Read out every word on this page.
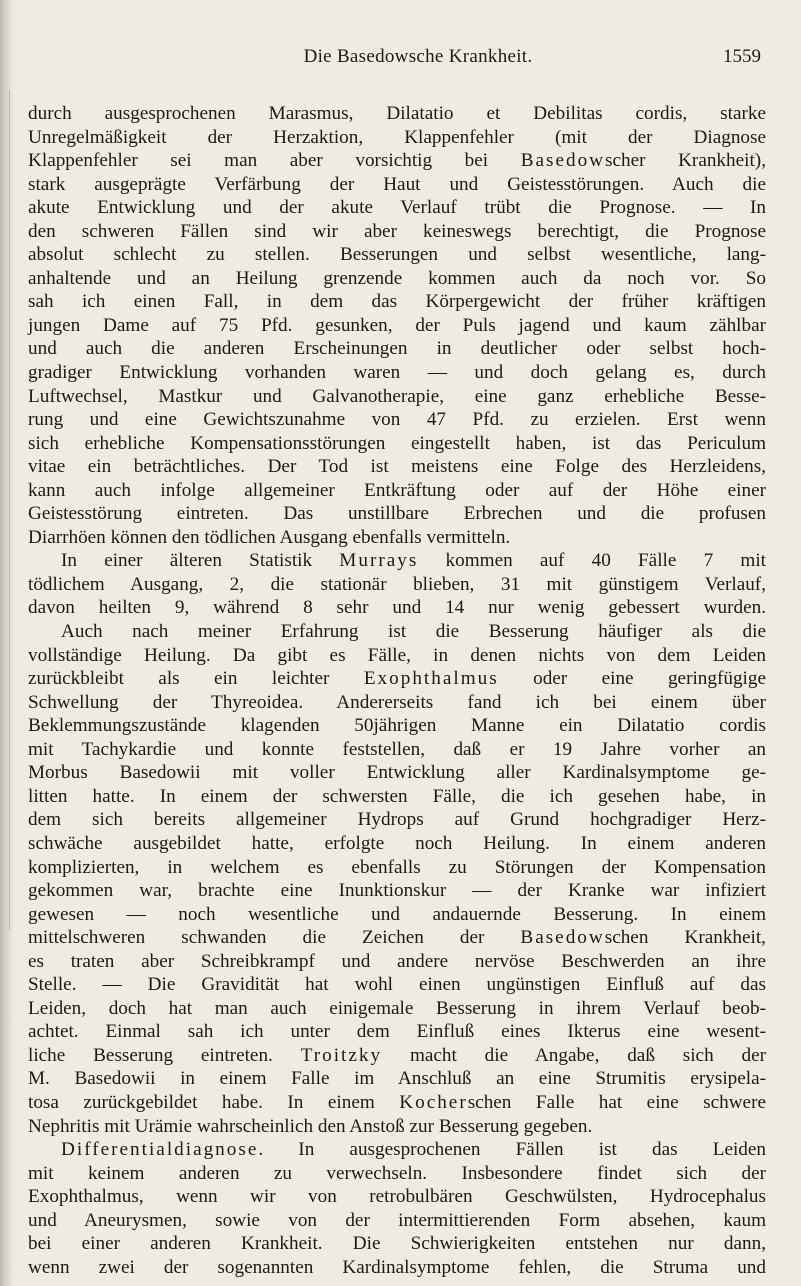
Die Basedowsche Krankheit.	1559

durch ausgesprochenen Marasmus, Dilatatio et Debilitas cordis, starke

Unregelmäßigkeit der Herzaktion, Klappenfehler (mit der Diagnose

Klappenfehler sei man aber vorsichtig bei Basedowscher Krankheit),

stark ausgeprägte Verfärbung der Haut und Geistesstörungen. Auch die

akute Entwicklung und der akute Verlauf trübt die Prognose. — In

den schweren Fällen sind wir aber keineswegs berechtigt, die Prognose

absolut schlecht zu stellen. Besserungen und selbst wesentliche, lang-

anhaltende und an Heilung grenzende kommen auch da noch vor. So

sah ich einen Fall, in dem das Körpergewicht der früher kräftigen

jungen Dame auf 75 Pfd. gesunken, der Puls jagend und kaum zählbar

und auch die anderen Erscheinungen in deutlicher oder selbst hoch-

gradiger Entwicklung vorhanden waren — und doch gelang es, durch

Luftwechsel, Mastkur und Galvanotherapie, eine ganz erhebliche Besse-

rung und eine Gewichtszunahme von 47 Pfd. zu erzielen. Erst wenn

sich erhebliche Kompensationsstörungen eingestellt haben, ist das Periculum

vitae ein beträchtliches. Der Tod ist meistens eine Folge des Herzleidens,

kann auch infolge allgemeiner Entkräftung oder auf der Höhe einer

Geistesstörung eintreten. Das unstillbare Erbrechen und die profusen

Diarrhöen können den tödlichen Ausgang ebenfalls vermitteln.

In einer älteren Statistik Murrays kommen auf 40 Fälle 7 mit

tödlichem Ausgang, 2, die stationär blieben, 31 mit günstigem Verlauf,

davon heilten 9, während 8 sehr und 14 nur wenig gebessert wurden.

Auch nach meiner Erfahrung ist die Besserung häufiger als die

vollständige Heilung. Da gibt es Fälle, in denen nichts von dem Leiden

zurückbleibt als ein leichter Exophthalmus oder eine geringfügige

Schwellung der Thyreoidea. Andererseits fand ich bei einem über

Beklemmungszustände klagenden 50jährigen Manne ein Dilatatio cordis

mit Tachykardie und konnte feststellen, daß er 19 Jahre vorher an

Morbus Basedowii mit voller Entwicklung aller Kardinalsymptome ge-

litten hatte. In einem der schwersten Fälle, die ich gesehen habe, in

dem sich bereits allgemeiner Hydrops auf Grund hochgradiger Herz-

schwäche ausgebildet hatte, erfolgte noch Heilung. In einem anderen

komplizierten, in welchem es ebenfalls zu Störungen der Kompensation

gekommen war, brachte eine Inunktionskur — der Kranke war infiziert

gewesen — noch wesentliche und andauernde Besserung. In einem

mittelschweren schwanden die Zeichen der Basedowschen Krankheit,

es traten aber Schreibkrampf und andere nervöse Beschwerden an ihre

Stelle. — Die Gravidität hat wohl einen ungünstigen Einfluß auf das

Leiden, doch hat man auch einigemale Besserung in ihrem Verlauf beob-

achtet. Einmal sah ich unter dem Einfluß eines Ikterus eine wesent-

liche Besserung eintreten. Troitzky macht die Angabe, daß sich der

M. Basedowii in einem Falle im Anschluß an eine Strumitis erysipela-

tosa zurückgebildet habe. In einem Kocherschen Falle hat eine schwere

Nephritis mit Urämie wahrscheinlich den Anstoß zur Besserung gegeben.

Differentialdiagnose. In ausgesprochenen Fällen ist das Leiden

mit keinem anderen zu verwechseln. Insbesondere findet sich der

Exophthalmus, wenn wir von retrobulbären Geschwülsten, Hydrocephalus

und Aneurysmen, sowie von der intermittierenden Form absehen, kaum

bei einer anderen Krankheit. Die Schwierigkeiten entstehen nur dann,

wenn zwei der sogenannten Kardinalsymptome fehlen, die Struma und
